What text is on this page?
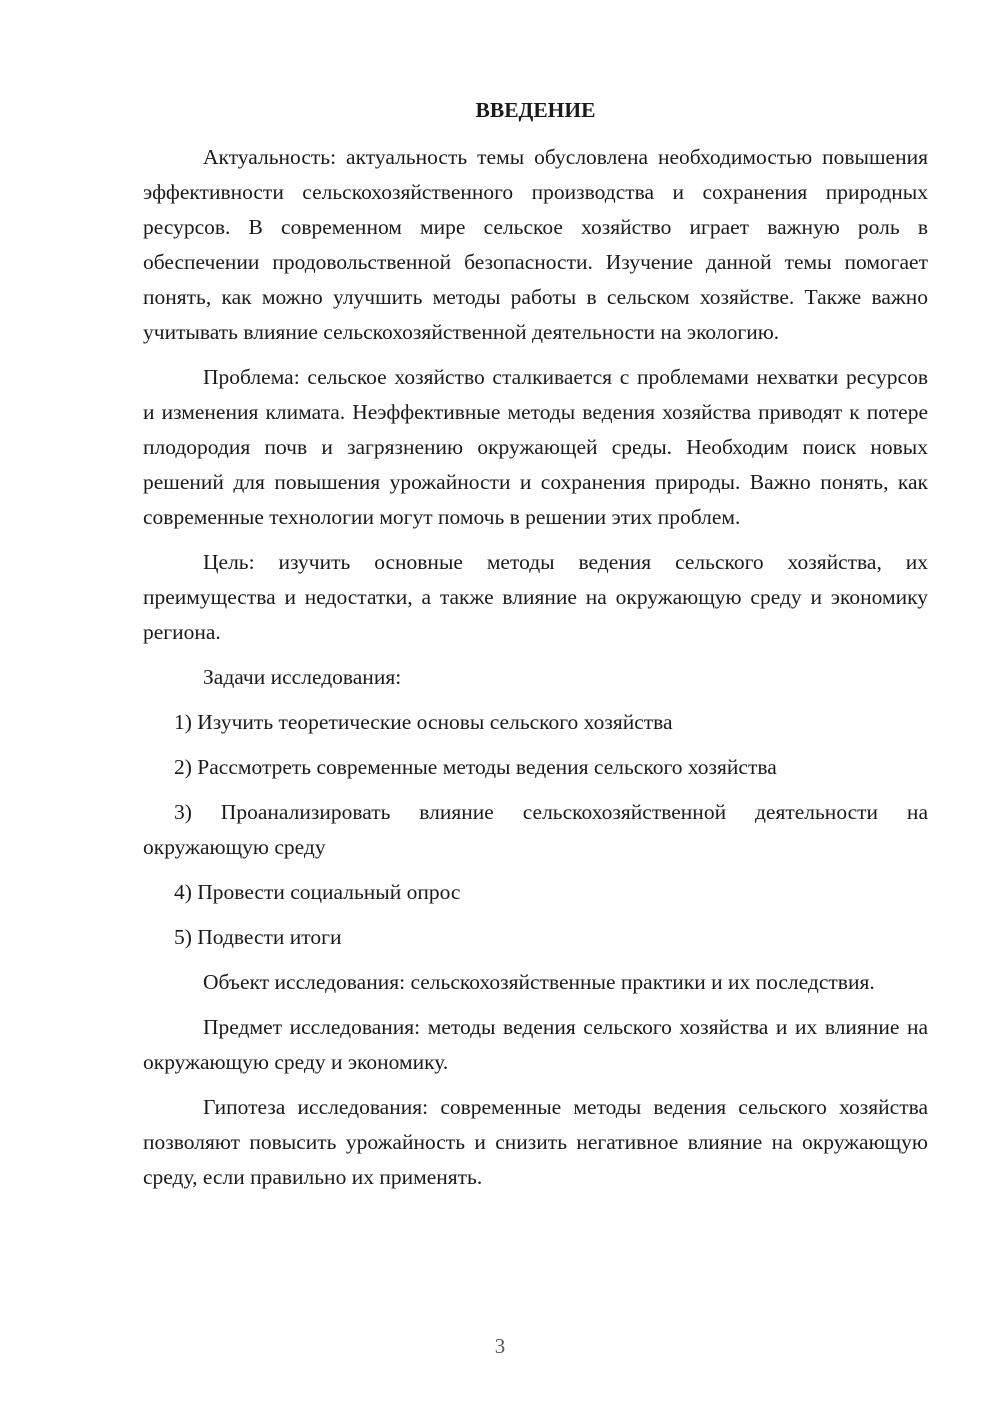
ВВЕДЕНИЕ

Актуальность: актуальность темы обусловлена необходимостью повышения эффективности сельскохозяйственного производства и сохранения природных ресурсов. В современном мире сельское хозяйство играет важную роль в обеспечении продовольственной безопасности. Изучение данной темы помогает понять, как можно улучшить методы работы в сельском хозяйстве. Также важно учитывать влияние сельскохозяйственной деятельности на экологию.

Проблема: сельское хозяйство сталкивается с проблемами нехватки ресурсов и изменения климата. Неэффективные методы ведения хозяйства приводят к потере плодородия почв и загрязнению окружающей среды. Необходим поиск новых решений для повышения урожайности и сохранения природы. Важно понять, как современные технологии могут помочь в решении этих проблем.

Цель: изучить основные методы ведения сельского хозяйства, их преимущества и недостатки, а также влияние на окружающую среду и экономику региона.

Задачи исследования:

1) Изучить теоретические основы сельского хозяйства

2) Рассмотреть современные методы ведения сельского хозяйства

3) Проанализировать влияние сельскохозяйственной деятельности на окружающую среду

4) Провести социальный опрос

5) Подвести итоги

Объект исследования: сельскохозяйственные практики и их последствия.

Предмет исследования: методы ведения сельского хозяйства и их влияние на окружающую среду и экономику.

Гипотеза исследования: современные методы ведения сельского хозяйства позволяют повысить урожайность и снизить негативное влияние на окружающую среду, если правильно их применять.

3
